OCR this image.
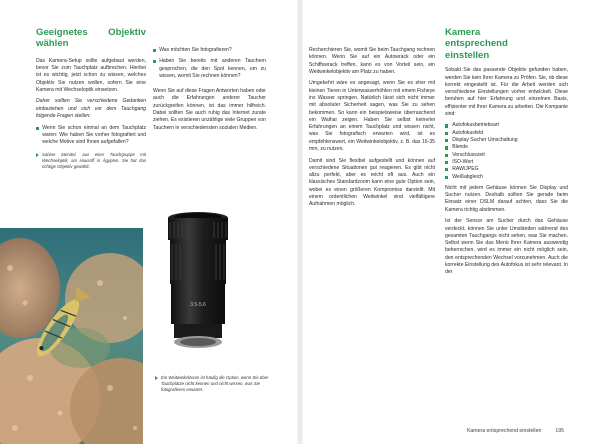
Geeignetes Objektiv wählen

Das Kamera-Setup sollte aufgebaut werden, bevor Sie zum Tauchplatz aufbrechen. Hierbei ist es wichtig, jetzt schon zu wissen, welches Objektiv Sie nutzen wollen, sofern Sie eine Kamera mit Wechseloptik einsetzen.

Daher sollten Sie verschiedene Gedanken einbeziehen und sich vor dem Tauchgang folgende Fragen stellen:

Wenn Sie schon einmal an dem Tauchplatz waren: Wie haben Sie vorher fotografiert und welche Motive sind Ihnen aufgefallen?
Sabine Stendel, aus einer Tauchgruppe mit Wechseloptik, am Hausriff in Ägypten. Sie hat das richtige Objektiv gewählt.
Was möchten Sie fotografieren?
Haben Sie bereits mit anderen Tauchern gesprochen, die den Spot kennen, um zu wissen, womit Sie rechnen können?

Wenn Sie auf diese Fragen Antworten haben oder auch die Erfahrungen anderer Taucher zurückgreifen können, ist das immer hilfreich. Dabei sollten Sie auch ruhig das Internet zurate ziehen. Es existieren unzählige viele Gruppen von Tauchern in verschiedensten sozialen Medien.

3.5-5.6
Ein Weitwinkelzoom ist häufig die Option, wenn Sie über Tauchplätze nicht kennen und nicht wissen, was Sie fotografieren erwartet.

Recherchieren Sie, womit Sie beim Tauchgang rechnen können. Wenn Sie auf ein Autowrack oder ein Schiffswrack treffen, kann es von Vorteil sein, ein Weitwinkelobjektiv am Platz zu haben.

Umgekehrt wäre es angesagt, wenn Sie es eher mit kleinen Tieren in Unterwasserhöhlen mit einem Fisheye ins Wasser springen. Natürlich lässt sich nicht immer mit absoluter Sicherheit sagen, was Sie zu sehen bekommen. So kann ein beispielsweise überraschend ein Walhai zeigen. Haben Sie selbst keinerlei Erfahrungen an einem Tauchplatz und wissen nicht, was Sie fotografisch erwarten wird, ist es empfehlenswert, ein Weitwinkelobjektiv, z. B. das 16-35 mm, zu nutzen.

Damit sind Sie flexibel aufgestellt und können auf verschiedene Situationen gut reagieren. Es gibt nicht allzu perfekt, aber es reicht oft aus. Auch ein klassisches Standardzoom kann eine gute Option sein, wobei es einen größeren Kompromiss darstellt. Mit einem ordentlichen Weitwinkel sind vielfältigere Aufnahmen möglich.

Kamera entsprechend einstellen

Sobald Sie das passende Objektiv gefunden haben, werden Sie kein Ihrer Kamera zu Pröfen. Sie, ob diese korrekt eingestellt ist. Für die Arbeit werden sich verschiedene Einstellungen vorher entwickelt. Diese beruhen auf hier Erfahrung und einzelnen Basis, effizienter mit Ihrer Kamera zu arbeiten. Die Kompanie sind:

Autofokusbetriebsart
Autofokusfeld
Display Sucher Umschaltung
Blende
Verschlusszeit
ISO-Wert
RAW/JPEG
Weißabgleich

Nicht mit jedem Gehäuse können Sie Display und Sucher nutzen. Deshalb sollten Sie gerade beim Einsatz einer DSLM darauf achten, dass Sie die Kamera richtig abstimmen.

Ist der Sensor am Sucher durch das Gehäuse verdeckt, können Sie unter Umständen während des gesamten Tauchgangs nicht sehen, was Sie machen. Selbst wenn Sie das Menü Ihrer Kamera auswendig beherrschen, wird es immer ein nicht möglich sein, den entsprechenden Wechsel vorzunehmen. Auch die korrekte Einstellung des Autofokus ist sehr relevant. In der

Kamera entsprechend einstellen	195
